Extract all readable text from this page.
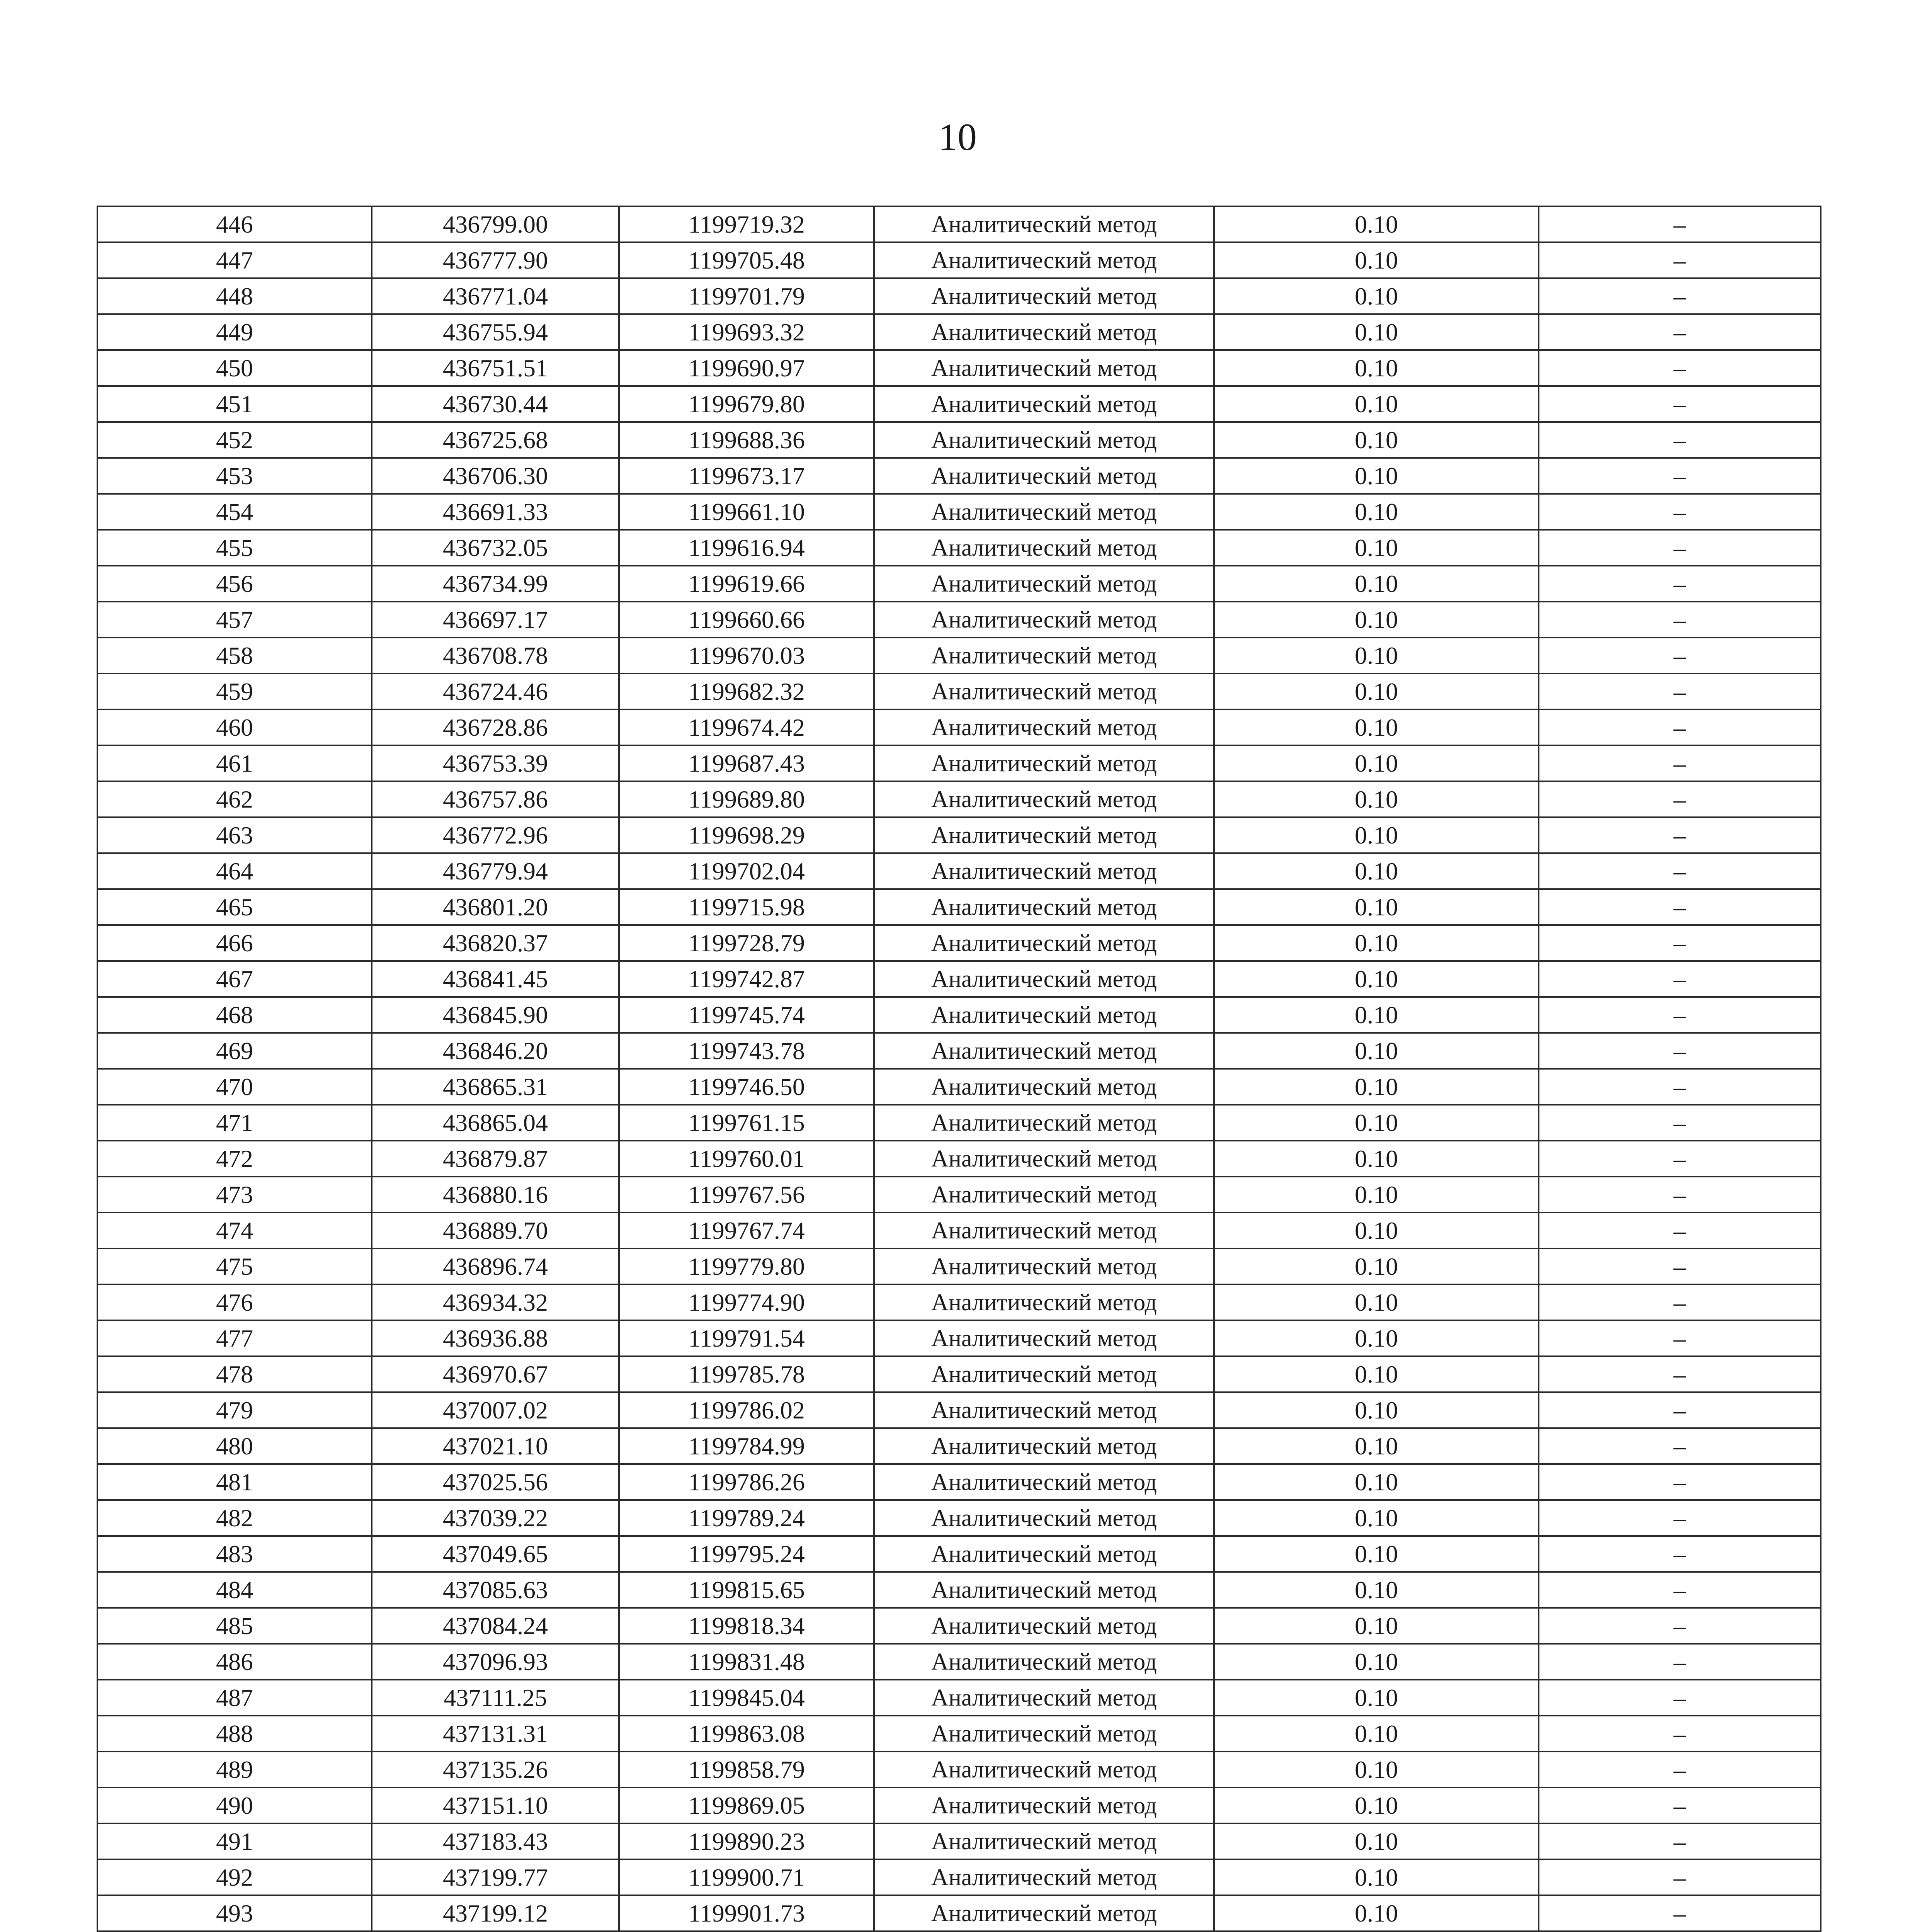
10
446	436799.00	1199719.32	Аналитический метод	0.10	–
447	436777.90	1199705.48	Аналитический метод	0.10	–
448	436771.04	1199701.79	Аналитический метод	0.10	–
449	436755.94	1199693.32	Аналитический метод	0.10	–
450	436751.51	1199690.97	Аналитический метод	0.10	–
451	436730.44	1199679.80	Аналитический метод	0.10	–
452	436725.68	1199688.36	Аналитический метод	0.10	–
453	436706.30	1199673.17	Аналитический метод	0.10	–
454	436691.33	1199661.10	Аналитический метод	0.10	–
455	436732.05	1199616.94	Аналитический метод	0.10	–
456	436734.99	1199619.66	Аналитический метод	0.10	–
457	436697.17	1199660.66	Аналитический метод	0.10	–
458	436708.78	1199670.03	Аналитический метод	0.10	–
459	436724.46	1199682.32	Аналитический метод	0.10	–
460	436728.86	1199674.42	Аналитический метод	0.10	–
461	436753.39	1199687.43	Аналитический метод	0.10	–
462	436757.86	1199689.80	Аналитический метод	0.10	–
463	436772.96	1199698.29	Аналитический метод	0.10	–
464	436779.94	1199702.04	Аналитический метод	0.10	–
465	436801.20	1199715.98	Аналитический метод	0.10	–
466	436820.37	1199728.79	Аналитический метод	0.10	–
467	436841.45	1199742.87	Аналитический метод	0.10	–
468	436845.90	1199745.74	Аналитический метод	0.10	–
469	436846.20	1199743.78	Аналитический метод	0.10	–
470	436865.31	1199746.50	Аналитический метод	0.10	–
471	436865.04	1199761.15	Аналитический метод	0.10	–
472	436879.87	1199760.01	Аналитический метод	0.10	–
473	436880.16	1199767.56	Аналитический метод	0.10	–
474	436889.70	1199767.74	Аналитический метод	0.10	–
475	436896.74	1199779.80	Аналитический метод	0.10	–
476	436934.32	1199774.90	Аналитический метод	0.10	–
477	436936.88	1199791.54	Аналитический метод	0.10	–
478	436970.67	1199785.78	Аналитический метод	0.10	–
479	437007.02	1199786.02	Аналитический метод	0.10	–
480	437021.10	1199784.99	Аналитический метод	0.10	–
481	437025.56	1199786.26	Аналитический метод	0.10	–
482	437039.22	1199789.24	Аналитический метод	0.10	–
483	437049.65	1199795.24	Аналитический метод	0.10	–
484	437085.63	1199815.65	Аналитический метод	0.10	–
485	437084.24	1199818.34	Аналитический метод	0.10	–
486	437096.93	1199831.48	Аналитический метод	0.10	–
487	437111.25	1199845.04	Аналитический метод	0.10	–
488	437131.31	1199863.08	Аналитический метод	0.10	–
489	437135.26	1199858.79	Аналитический метод	0.10	–
490	437151.10	1199869.05	Аналитический метод	0.10	–
491	437183.43	1199890.23	Аналитический метод	0.10	–
492	437199.77	1199900.71	Аналитический метод	0.10	–
493	437199.12	1199901.73	Аналитический метод	0.10	–
